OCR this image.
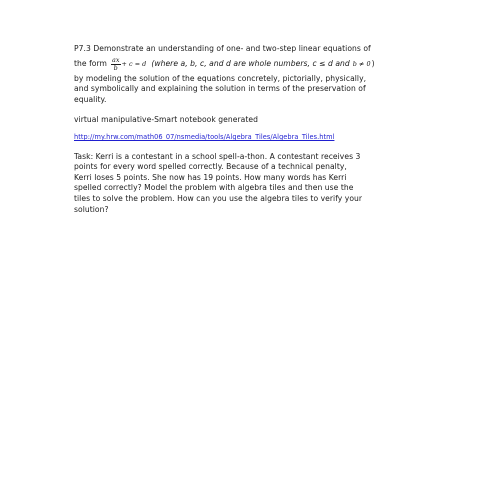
P7.3 Demonstrate an understanding of one- and two-step linear equations of
the form $\frac{ax}{b} + c = d$ (where a, b, c, and d are whole numbers, c ≤ d and b ≠ 0 )
by modeling the solution of the equations concretely, pictorially, physically,
and symbolically and explaining the solution in terms of the preservation of
equality.
virtual manipulative-Smart notebook generated
http://my.hrw.com/math06_07/nsmedia/tools/Algebra_Tiles/Algebra_Tiles.html
Task: Kerri is a contestant in a school spell-a-thon. A contestant receives 3
points for every word spelled correctly. Because of a technical penalty,
Kerri loses 5 points. She now has 19 points. How many words has Kerri
spelled correctly? Model the problem with algebra tiles and then use the
tiles to solve the problem. How can you use the algebra tiles to verify your
solution?
